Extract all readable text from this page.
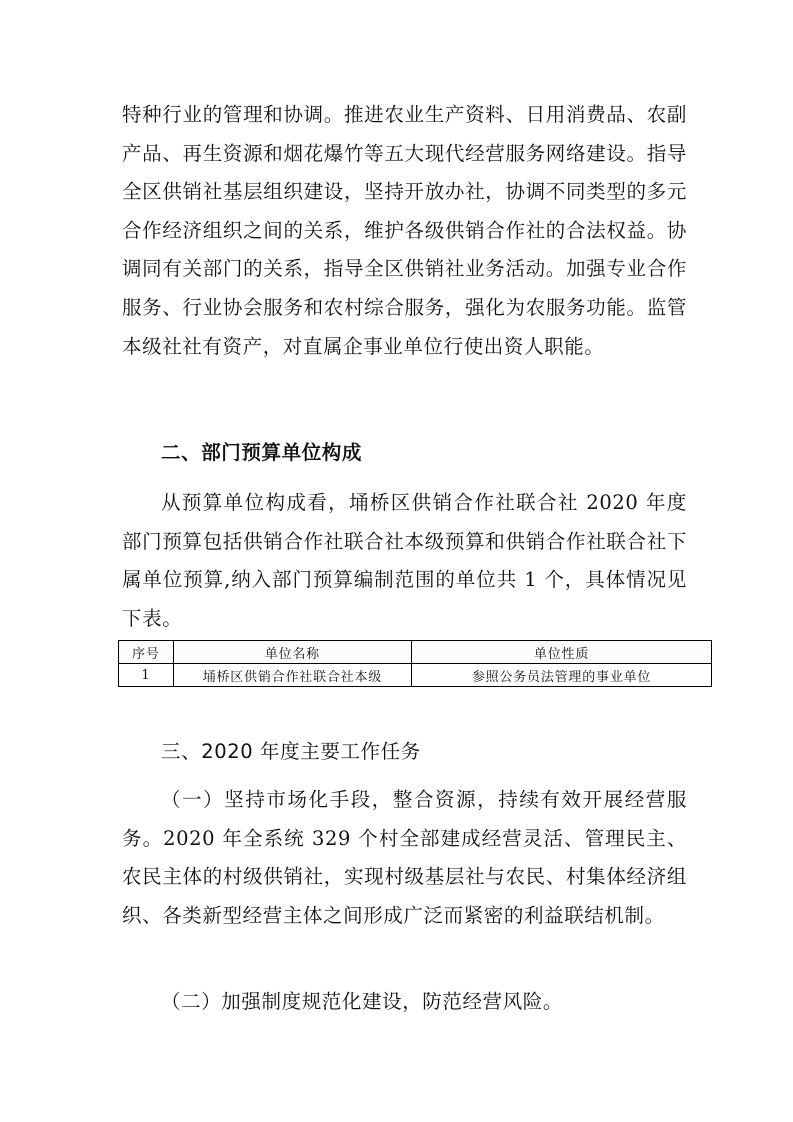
特种行业的管理和协调。推进农业生产资料、日用消费品、农副产品、再生资源和烟花爆竹等五大现代经营服务网络建设。指导全区供销社基层组织建设，坚持开放办社，协调不同类型的多元合作经济组织之间的关系，维护各级供销合作社的合法权益。协调同有关部门的关系，指导全区供销社业务活动。加强专业合作服务、行业协会服务和农村综合服务，强化为农服务功能。监管本级社社有资产，对直属企事业单位行使出资人职能。

二、部门预算单位构成

从预算单位构成看，埇桥区供销合作社联合社 2020 年度部门预算包括供销合作社联合社本级预算和供销合作社联合社下属单位预算,纳入部门预算编制范围的单位共 1 个，具体情况见下表。

序号	单位名称	单位性质
1	埇桥区供销合作社联合社本级	参照公务员法管理的事业单位
三、2020 年度主要工作任务

（一）坚持市场化手段，整合资源，持续有效开展经营服务。2020 年全系统 329 个村全部建成经营灵活、管理民主、农民主体的村级供销社，实现村级基层社与农民、村集体经济组织、各类新型经营主体之间形成广泛而紧密的利益联结机制。

（二）加强制度规范化建设，防范经营风险。
